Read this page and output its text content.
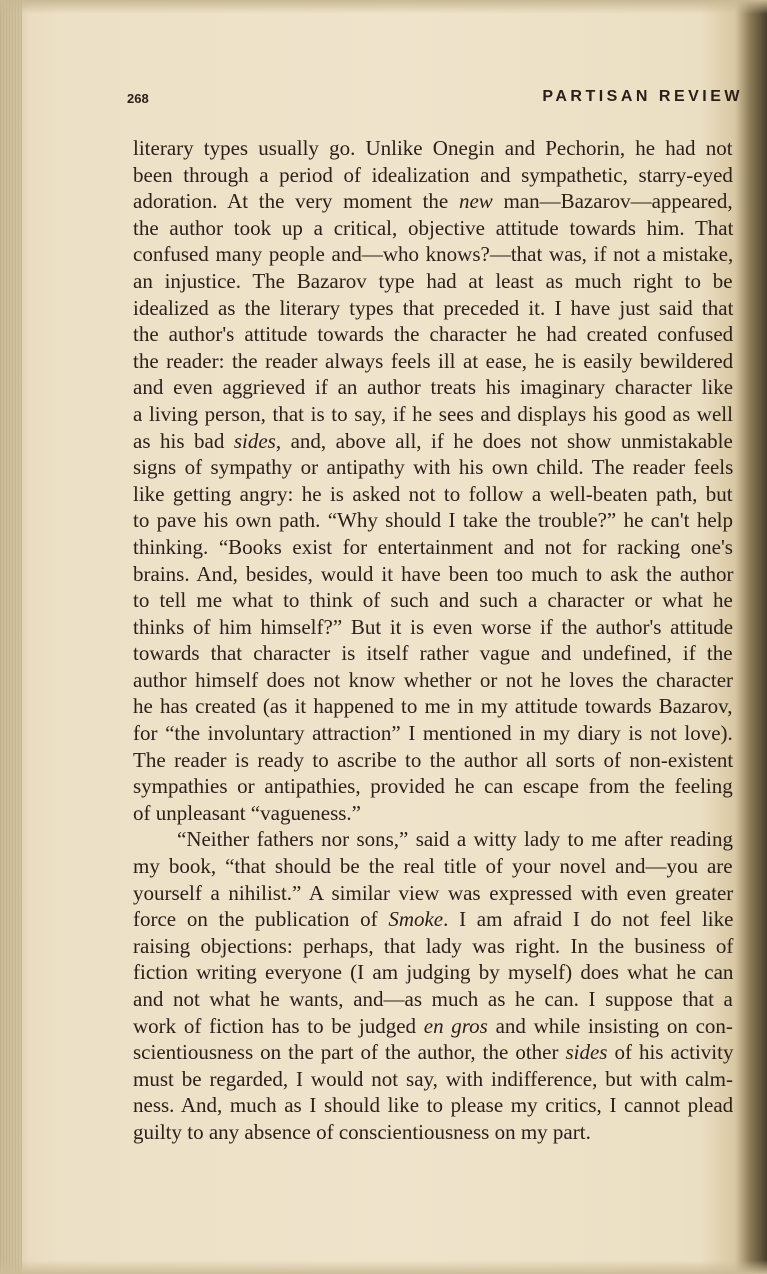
268	PARTISAN REVIEW
literary types usually go. Unlike Onegin and Pechorin, he had not
been through a period of idealization and sympathetic, starry-eyed
adoration. At the very moment the new man—Bazarov—appeared,
the author took up a critical, objective attitude towards him. That
confused many people and—who knows?—that was, if not a mistake,
an injustice. The Bazarov type had at least as much right to be
idealized as the literary types that preceded it. I have just said that
the author's attitude towards the character he had created confused
the reader: the reader always feels ill at ease, he is easily bewildered
and even aggrieved if an author treats his imaginary character like
a living person, that is to say, if he sees and displays his good as well
as his bad sides, and, above all, if he does not show unmistakable
signs of sympathy or antipathy with his own child. The reader feels
like getting angry: he is asked not to follow a well-beaten path, but
to pave his own path. “Why should I take the trouble?” he can't help
thinking. “Books exist for entertainment and not for racking one's
brains. And, besides, would it have been too much to ask the author
to tell me what to think of such and such a character or what he
thinks of him himself?” But it is even worse if the author's attitude
towards that character is itself rather vague and undefined, if the
author himself does not know whether or not he loves the character
he has created (as it happened to me in my attitude towards Bazarov,
for “the involuntary attraction” I mentioned in my diary is not love).
The reader is ready to ascribe to the author all sorts of non-existent
sympathies or antipathies, provided he can escape from the feeling
of unpleasant “vagueness.”
“Neither fathers nor sons,” said a witty lady to me after reading
my book, “that should be the real title of your novel and—you are
yourself a nihilist.” A similar view was expressed with even greater
force on the publication of Smoke. I am afraid I do not feel like
raising objections: perhaps, that lady was right. In the business of
fiction writing everyone (I am judging by myself) does what he can
and not what he wants, and—as much as he can. I suppose that a
work of fiction has to be judged en gros and while insisting on con-
scientiousness on the part of the author, the other sides of his activity
must be regarded, I would not say, with indifference, but with calm-
ness. And, much as I should like to please my critics, I cannot plead
guilty to any absence of conscientiousness on my part.
